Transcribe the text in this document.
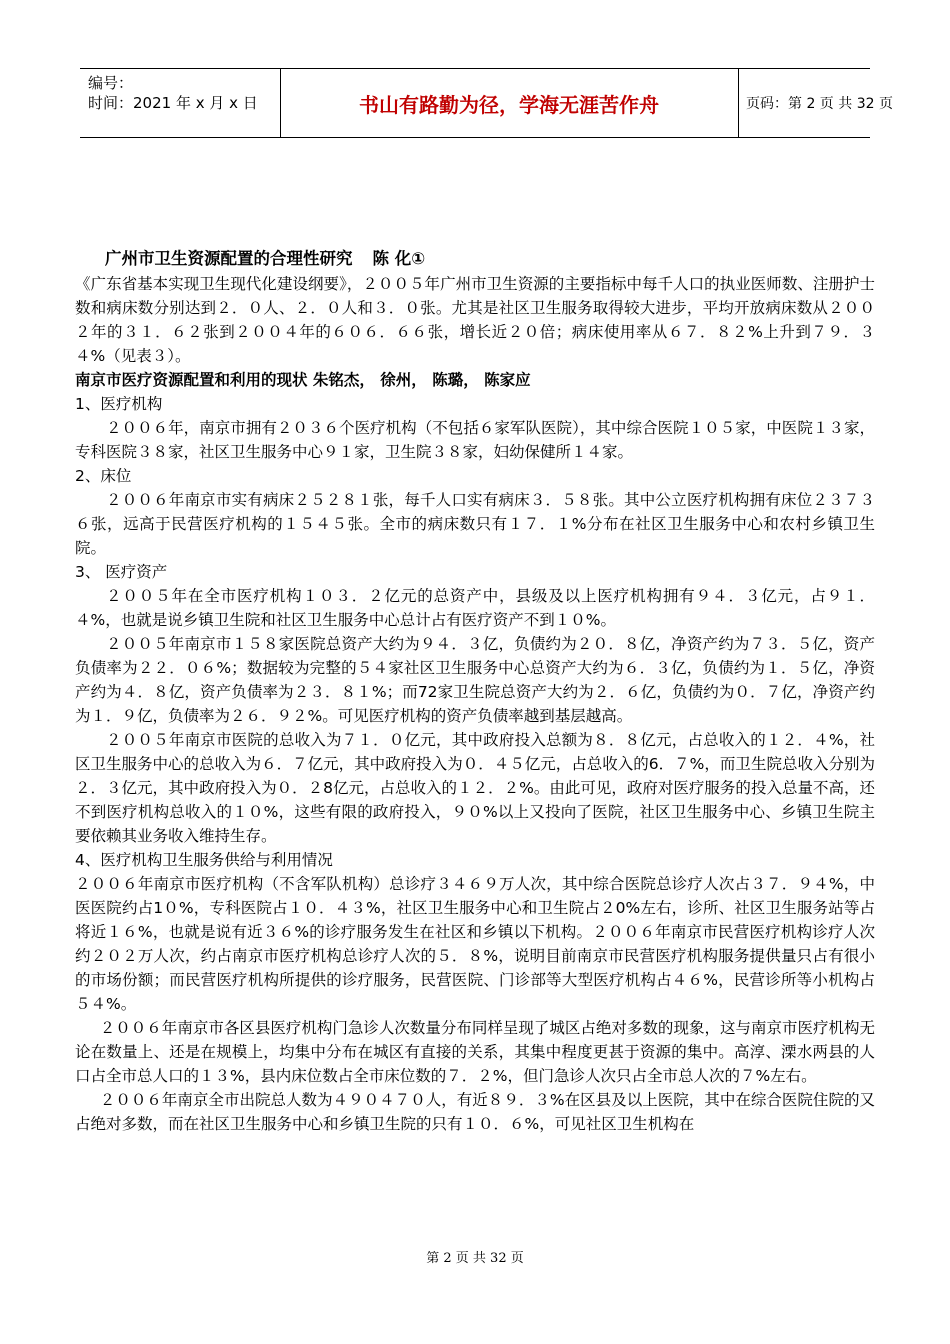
编号：
时间：2021 年 x 月 x 日	书山有路勤为径，学海无涯苦作舟	页码：第 2 页 共 32 页

广州市卫生资源配置的合理性研究 陈 化①

《广东省基本实现卫生现代化建设纲要》，２００５年广州市卫生资源的主要指标中每千人口的执业医师数、注册护士数和病床数分别达到２．０人、２．０人和３．０张。尤其是社区卫生服务取得较大进步，平均开放病床数从２００２年的３１．６２张到２００４年的６０６．６６张，增长近２０倍；病床使用率从６７．８２%上升到７９．３４%（见表３）。

南京市医疗资源配置和利用的现状 朱铭杰， 徐州， 陈璐， 陈家应

1、医疗机构

２００６年，南京市拥有２０３６个医疗机构（不包括６家军队医院），其中综合医院１０５家，中医院１３家，专科医院３８家，社区卫生服务中心９１家，卫生院３８家，妇幼保健所１４家。

2、床位

２００６年南京市实有病床２５２８１张，每千人口实有病床３．５８张。其中公立医疗机构拥有床位２３７３６张，远高于民营医疗机构的１５４５张。全市的病床数只有１７．１%分布在社区卫生服务中心和农村乡镇卫生院。

3、 医疗资产

２００５年在全市医疗机构１０３．２亿元的总资产中，县级及以上医疗机构拥有９４．３亿元，占９１．４%，也就是说乡镇卫生院和社区卫生服务中心总计占有医疗资产不到１０%。

２００５年南京市１５８家医院总资产大约为９４．３亿，负债约为２０．８亿，净资产约为７３．５亿，资产负债率为２２．０６%；数据较为完整的５４家社区卫生服务中心总资产大约为６．３亿，负债约为１．５亿，净资产约为４．８亿，资产负债率为２３．８１%；而72家卫生院总资产大约为２．６亿，负债约为０．７亿，净资产约为１．９亿，负债率为２６．９２%。可见医疗机构的资产负债率越到基层越高。

２００５年南京市医院的总收入为７１．０亿元，其中政府投入总额为８．８亿元，占总收入的１２．４%，社区卫生服务中心的总收入为６．７亿元，其中政府投入为０．４５亿元，占总收入的6．７%，而卫生院总收入分别为２．３亿元，其中政府投入为０．２8亿元，占总收入的１２．２%。由此可见，政府对医疗服务的投入总量不高，还不到医疗机构总收入的１０%，这些有限的政府投入，９０%以上又投向了医院，社区卫生服务中心、乡镇卫生院主要依赖其业务收入维持生存。

4、医疗机构卫生服务供给与利用情况

２００６年南京市医疗机构（不含军队机构）总诊疗３４６９万人次，其中综合医院总诊疗人次占３７．９４%，中医医院约占1０%，专科医院占１０．４３%，社区卫生服务中心和卫生院占２0%左右，诊所、社区卫生服务站等占将近１６%，也就是说有近３６%的诊疗服务发生在社区和乡镇以下机构。２００６年南京市民营医疗机构诊疗人次约２０２万人次，约占南京市医疗机构总诊疗人次的５．８%，说明目前南京市民营医疗机构服务提供量只占有很小的市场份额；而民营医疗机构所提供的诊疗服务，民营医院、门诊部等大型医疗机构占４６%，民营诊所等小机构占５４%。

２００６年南京市各区县医疗机构门急诊人次数量分布同样呈现了城区占绝对多数的现象，这与南京市医疗机构无论在数量上、还是在规模上，均集中分布在城区有直接的关系，其集中程度更甚于资源的集中。高淳、溧水两县的人口占全市总人口的１３%，县内床位数占全市床位数的７．２%，但门急诊人次只占全市总人次的７%左右。

２００６年南京全市出院总人数为４９０４７０人，有近８９．３%在区县及以上医院，其中在综合医院住院的又占绝对多数，而在社区卫生服务中心和乡镇卫生院的只有１０．６%，可见社区卫生机构在

第 2 页 共 32 页
